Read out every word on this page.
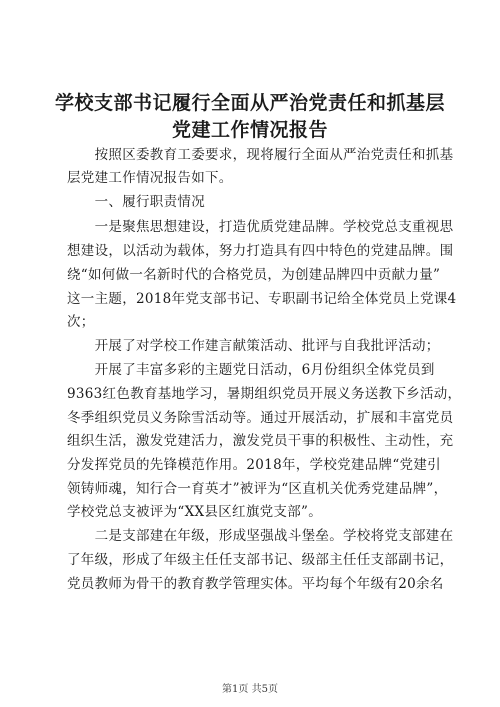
学校支部书记履行全面从严治党责任和抓基层
党建工作情况报告
　　按照区委教育工委要求，现将履行全面从严治党责任和抓基
层党建工作情况报告如下。
　　一、履行职责情况
　　一是聚焦思想建设，打造优质党建品牌。学校党总支重视思
想建设，以活动为载体，努力打造具有四中特色的党建品牌。围
绕“如何做一名新时代的合格党员，为创建品牌四中贡献力量”
这一主题，2018年党支部书记、专职副书记给全体党员上党课4
次；
　　开展了对学校工作建言献策活动、批评与自我批评活动；
　　开展了丰富多彩的主题党日活动，6月份组织全体党员到
9363红色教育基地学习，暑期组织党员开展义务送教下乡活动，
冬季组织党员义务除雪活动等。通过开展活动，扩展和丰富党员
组织生活，激发党建活力，激发党员干事的积极性、主动性，充
分发挥党员的先锋模范作用。2018年，学校党建品牌“党建引
领铸师魂，知行合一育英才”被评为“区直机关优秀党建品牌”，
学校党总支被评为“XX县区红旗党支部”。
　　二是支部建在年级，形成坚强战斗堡垒。学校将党支部建在
了年级，形成了年级主任任支部书记、级部主任任支部副书记，
党员教师为骨干的教育教学管理实体。平均每个年级有20余名
第1页 共5页
